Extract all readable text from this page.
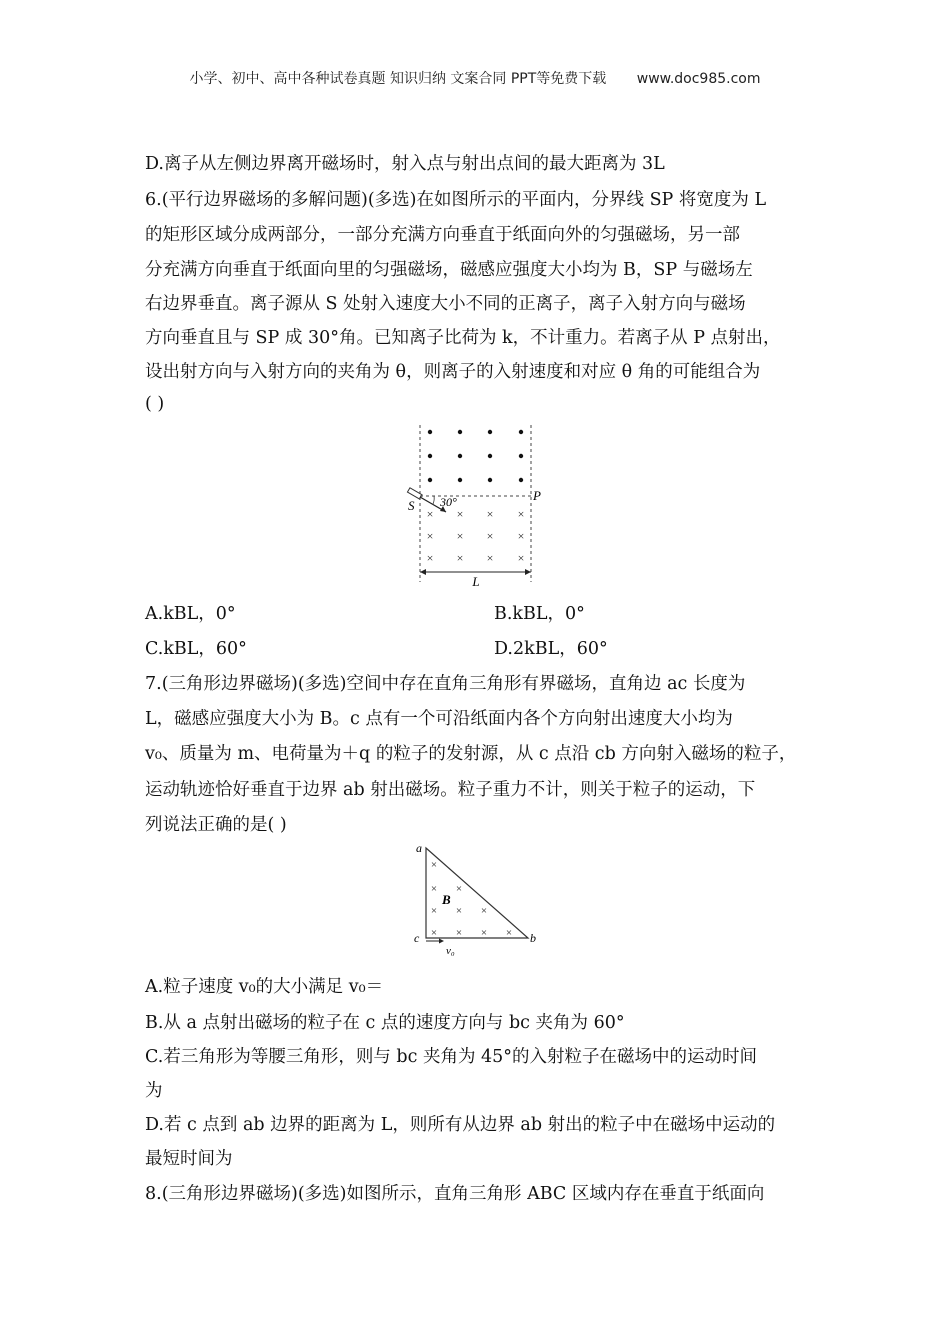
小学、初中、高中各种试卷真题 知识归纳 文案合同 PPT等免费下载 www.doc985.com
D.离子从左侧边界离开磁场时，射入点与射出点间的最大距离为 3L
6.(平行边界磁场的多解问题)(多选)在如图所示的平面内，分界线 SP 将宽度为 L
的矩形区域分成两部分，一部分充满方向垂直于纸面向外的匀强磁场，另一部
分充满方向垂直于纸面向里的匀强磁场，磁感应强度大小均为 B，SP 与磁场左
右边界垂直。离子源从 S 处射入速度大小不同的正离子，离子入射方向与磁场
方向垂直且与 SP 成 30°角。已知离子比荷为 k，不计重力。若离子从 P 点射出，
设出射方向与入射方向的夹角为 θ，则离子的入射速度和对应 θ 角的可能组合为
( )
× × × ×
× × × ×
× × × ×
30°
S
P
L
A.kBL，0°	B.kBL，0°
C.kBL，60°	D.2kBL，60°
7.(三角形边界磁场)(多选)空间中存在直角三角形有界磁场，直角边 ac 长度为
L，磁感应强度大小为 B。c 点有一个可沿纸面内各个方向射出速度大小均为
v₀、质量为 m、电荷量为＋q 的粒子的发射源，从 c 点沿 cb 方向射入磁场的粒子，
运动轨迹恰好垂直于边界 ab 射出磁场。粒子重力不计，则关于粒子的运动，下
列说法正确的是( )
×
× ×
× × ×
× × × ×
B
a
c	b
v₀
A.粒子速度 v₀的大小满足 v₀＝
B.从 a 点射出磁场的粒子在 c 点的速度方向与 bc 夹角为 60°
C.若三角形为等腰三角形，则与 bc 夹角为 45°的入射粒子在磁场中的运动时间
为
D.若 c 点到 ab 边界的距离为 L，则所有从边界 ab 射出的粒子中在磁场中运动的
最短时间为
8.(三角形边界磁场)(多选)如图所示，直角三角形 ABC 区域内存在垂直于纸面向
